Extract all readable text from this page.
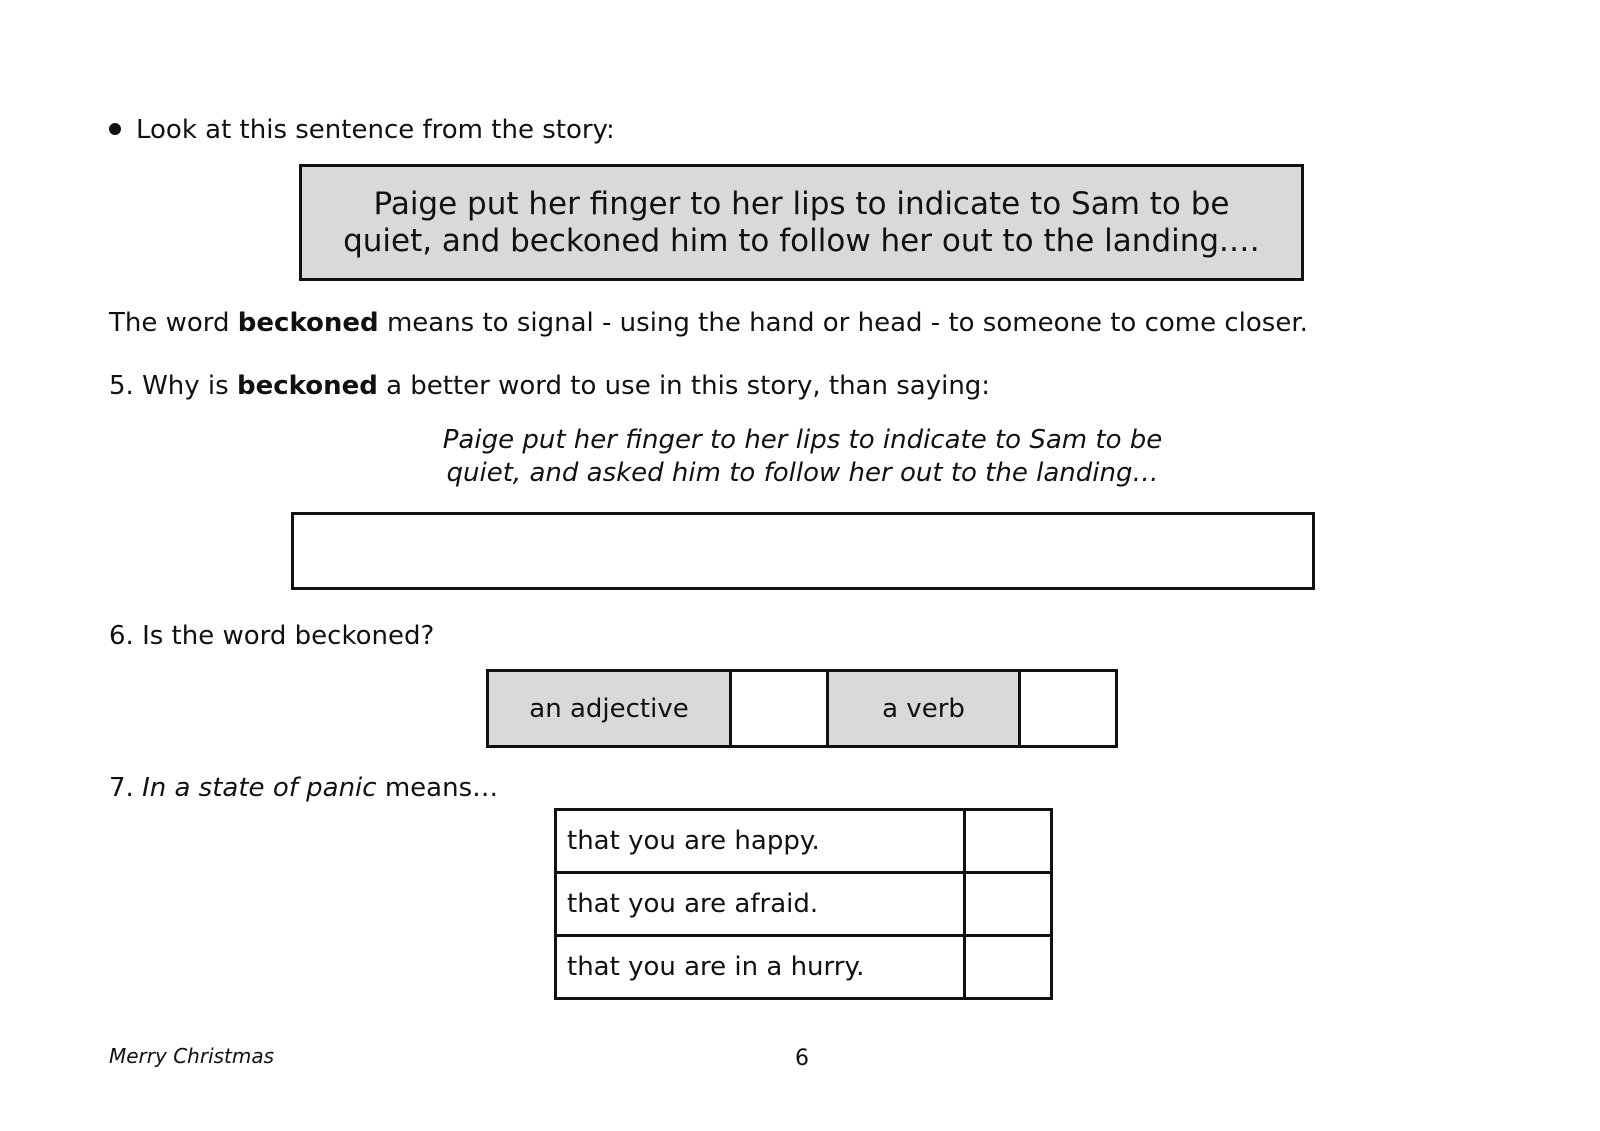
Look at this sentence from the story:
Paige put her finger to her lips to indicate to Sam to be
quiet, and beckoned him to follow her out to the landing.…
The word beckoned means to signal - using the hand or head - to someone to come closer.
5. Why is beckoned a better word to use in this story, than saying:
Paige put her finger to her lips to indicate to Sam to be
quiet, and asked him to follow her out to the landing…
6. Is the word beckoned?
an adjective		a verb	
7. In a state of panic means…
that you are happy.	
that you are afraid.	
that you are in a hurry.	
Merry Christmas	6
